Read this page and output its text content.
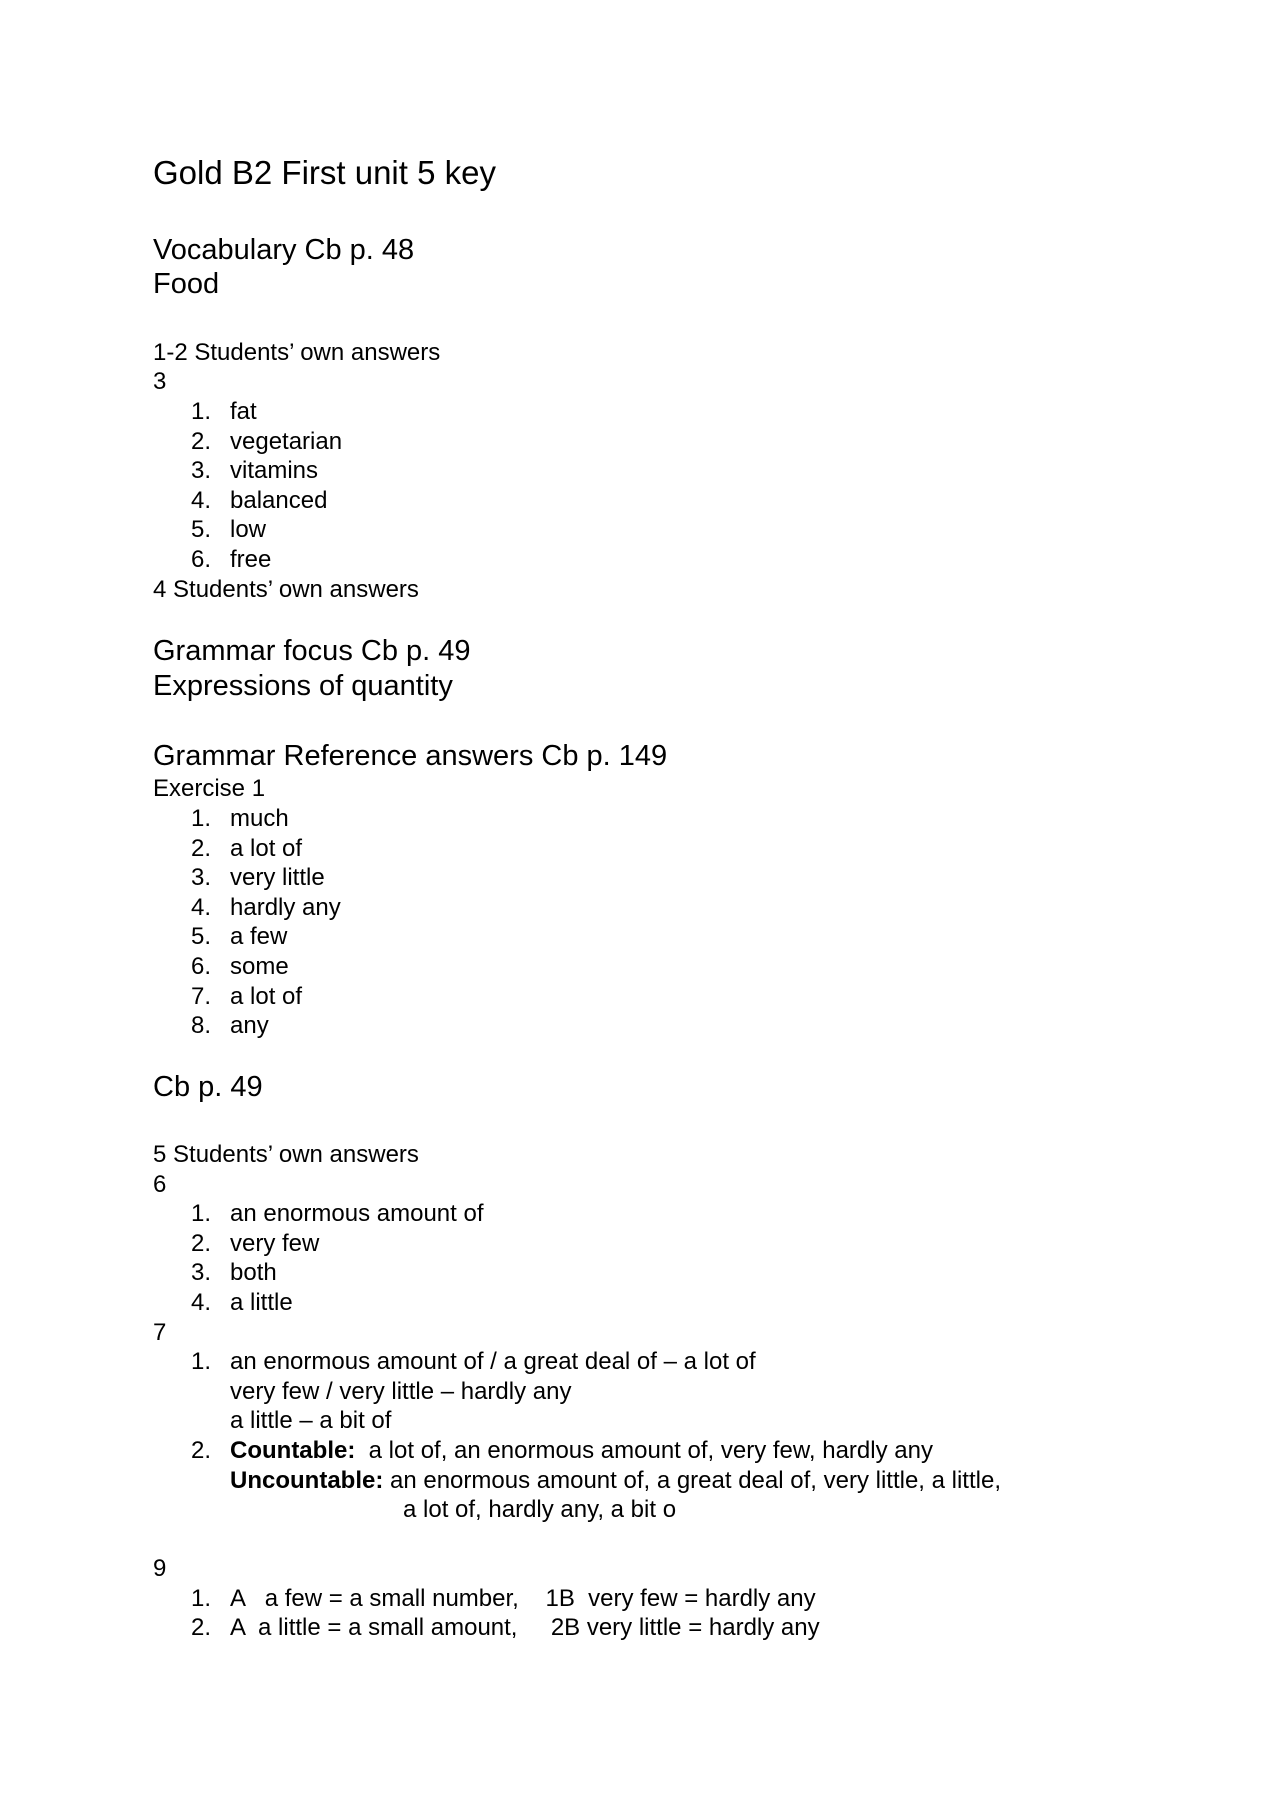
Gold B2 First unit 5 key
Vocabulary Cb p. 48
Food
1-2 Students’ own answers
3
1. fat
2. vegetarian
3. vitamins
4. balanced
5. low
6. free
4 Students’ own answers
Grammar focus Cb p. 49
Expressions of quantity
Grammar Reference answers Cb p. 149
Exercise 1
1. much
2. a lot of
3. very little
4. hardly any
5. a few
6. some
7. a lot of
8. any
Cb p. 49
5 Students’ own answers
6
1. an enormous amount of
2. very few
3. both
4. a little
7
1. an enormous amount of / a great deal of – a lot of
very few / very little – hardly any
a little – a bit of
2. Countable:  a lot of, an enormous amount of, very few, hardly any
Uncountable: an enormous amount of, a great deal of, very little, a little,
a lot of, hardly any, a bit o
9
1. A   a few = a small number,    1B  very few = hardly any
2. A  a little = a small amount,     2B very little = hardly any
